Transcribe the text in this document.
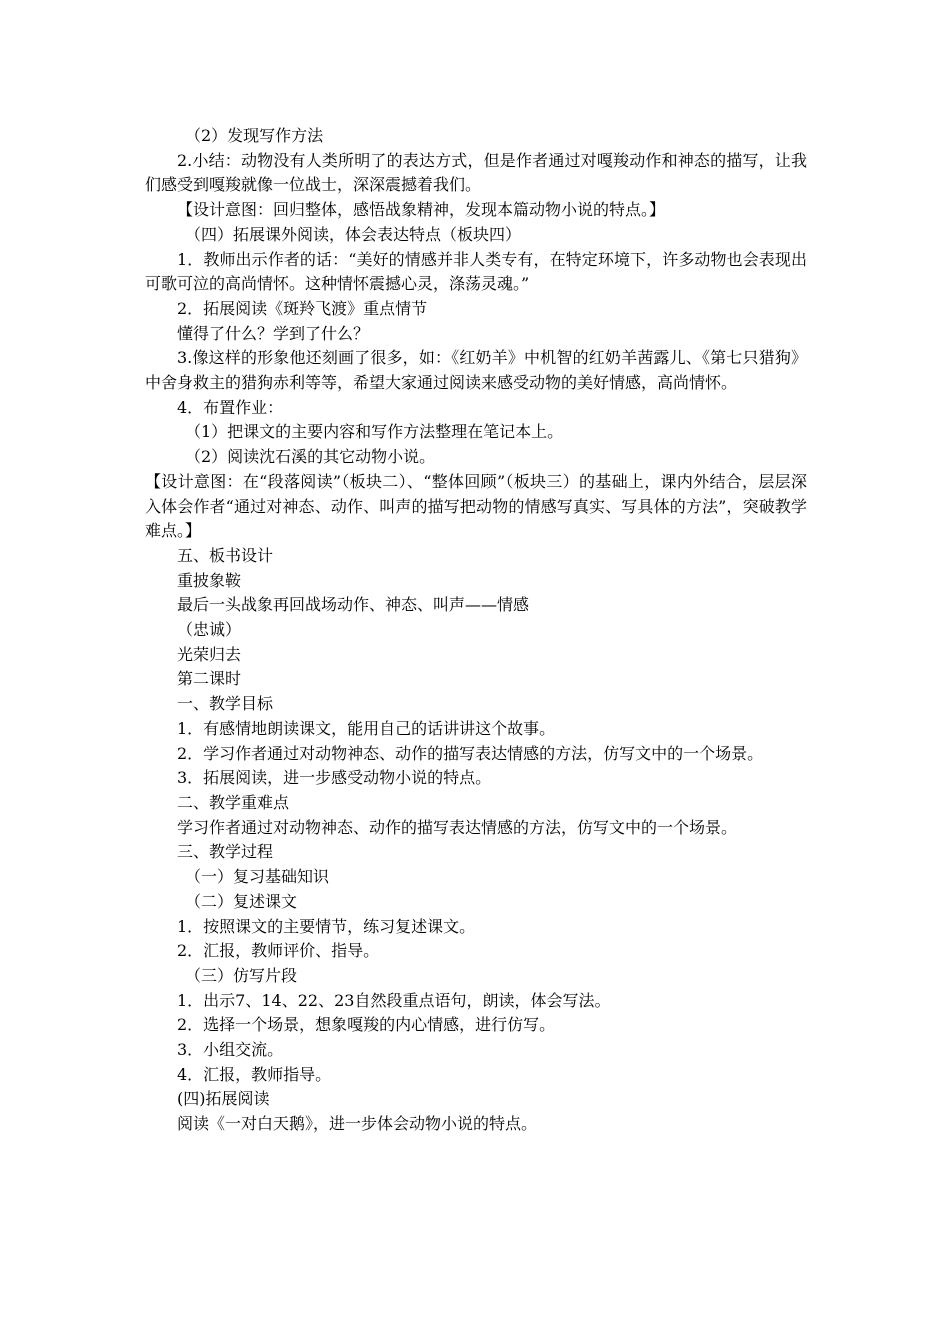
（2）发现写作方法

2.小结：动物没有人类所明了的表达方式，但是作者通过对嘎羧动作和神态的描写，让我们感受到嘎羧就像一位战士，深深震撼着我们。

【设计意图：回归整体，感悟战象精神，发现本篇动物小说的特点。】

（四）拓展课外阅读，体会表达特点（板块四）

1．教师出示作者的话：“美好的情感并非人类专有，在特定环境下，许多动物也会表现出可歌可泣的高尚情怀。这种情怀震撼心灵，涤荡灵魂。”

2．拓展阅读《斑羚飞渡》重点情节

懂得了什么？学到了什么？

3.像这样的形象他还刻画了很多，如：《红奶羊》中机智的红奶羊茜露儿、《第七只猎狗》中舍身救主的猎狗赤利等等，希望大家通过阅读来感受动物的美好情感，高尚情怀。

4．布置作业：

（1）把课文的主要内容和写作方法整理在笔记本上。

（2）阅读沈石溪的其它动物小说。

【设计意图：在“段落阅读”（板块二）、“整体回顾”（板块三）的基础上，课内外结合，层层深入体会作者“通过对神态、动作、叫声的描写把动物的情感写真实、写具体的方法”，突破教学难点。】

五、板书设计

重披象鞍

最后一头战象再回战场动作、神态、叫声——情感

（忠诚）

光荣归去

第二课时

一、教学目标

1．有感情地朗读课文，能用自己的话讲讲这个故事。

2．学习作者通过对动物神态、动作的描写表达情感的方法，仿写文中的一个场景。

3．拓展阅读，进一步感受动物小说的特点。

二、教学重难点

学习作者通过对动物神态、动作的描写表达情感的方法，仿写文中的一个场景。

三、教学过程

（一）复习基础知识

（二）复述课文

1．按照课文的主要情节，练习复述课文。

2．汇报，教师评价、指导。

（三）仿写片段

1．出示7、14、22、23自然段重点语句，朗读，体会写法。

2．选择一个场景，想象嘎羧的内心情感，进行仿写。

3．小组交流。

4．汇报，教师指导。

(四)拓展阅读

阅读《一对白天鹅》，进一步体会动物小说的特点。
